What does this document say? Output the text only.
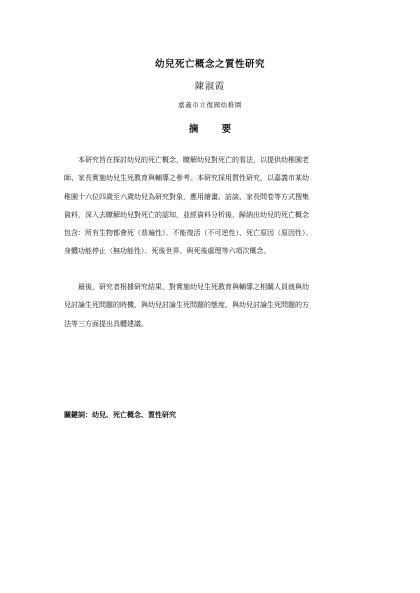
幼兒死亡概念之質性研究
陳淑霞
嘉義市立復國幼稚園
摘 要
　　本研究旨在探討幼兒的死亡概念，瞭解幼兒對死亡的看法，以提供幼稚園老
師、家長實施幼兒生死教育與輔導之參考。本研究採用質性研究，以嘉義市某幼
稚園十六位四歲至六歲幼兒為研究對象，應用繪畫、訪談、家長問卷等方式搜集
資料，深入去瞭解幼兒對死亡的認知，並經資料分析後，歸納出幼兒的死亡概念
包含：所有生物都會死（普遍性）、不能復活（不可逆性）、死亡原因（原因性）、
身體功能停止（無功能性）、死後世界、與死後處理等六項次概念。
　　最後，研究者根據研究結果，對實施幼兒生死教育與輔導之相關人員就與幼
兒討論生死問題的時機、與幼兒討論生死問題的態度、與幼兒討論生死問題的方
法等三方面提出具體建議。
關鍵詞：幼兒、死亡概念、質性研究
